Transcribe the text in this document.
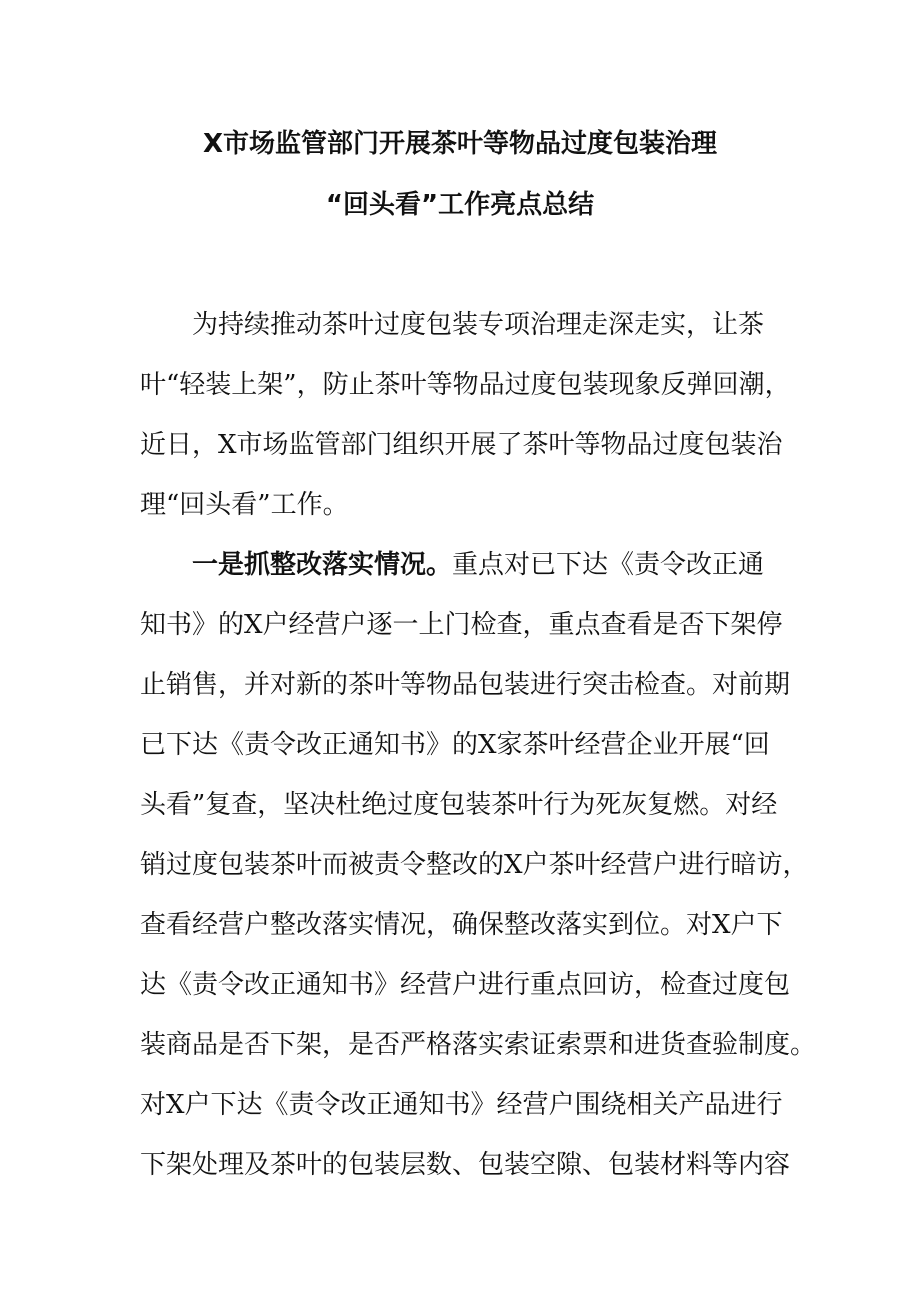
X市场监管部门开展茶叶等物品过度包装治理
“回头看”工作亮点总结
为持续推动茶叶过度包装专项治理走深走实，让茶
叶“轻装上架”，防止茶叶等物品过度包装现象反弹回潮，
近日，X市场监管部门组织开展了茶叶等物品过度包装治
理“回头看”工作。
一是抓整改落实情况。重点对已下达《责令改正通
知书》的X户经营户逐一上门检查，重点查看是否下架停
止销售，并对新的茶叶等物品包装进行突击检查。对前期
已下达《责令改正通知书》的X家茶叶经营企业开展“回
头看”复查，坚决杜绝过度包装茶叶行为死灰复燃。对经
销过度包装茶叶而被责令整改的X户茶叶经营户进行暗访，
查看经营户整改落实情况，确保整改落实到位。对X户下
达《责令改正通知书》经营户进行重点回访，检查过度包
装商品是否下架，是否严格落实索证索票和进货查验制度。
对X户下达《责令改正通知书》经营户围绕相关产品进行
下架处理及茶叶的包装层数、包装空隙、包装材料等内容
